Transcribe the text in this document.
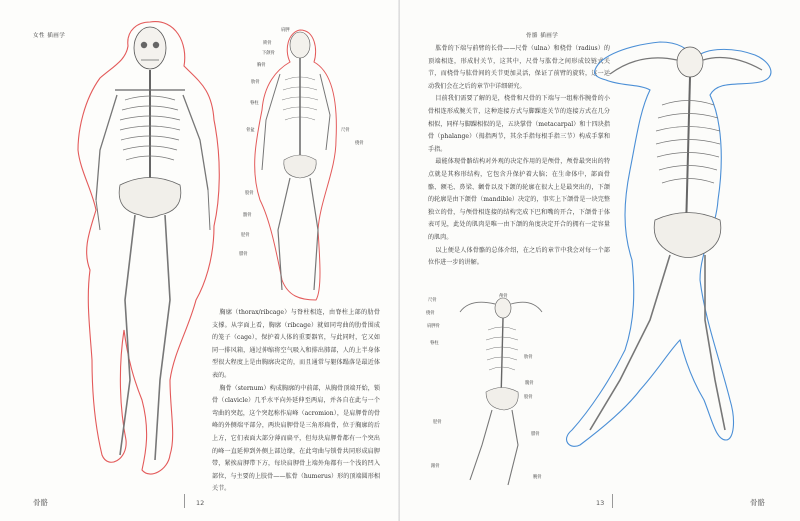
女性 插画学
肩胛
锁骨
下颌骨
胸骨
肋骨
脊柱
骨盆	尺骨
桡骨
股骨
髌骨
胫骨
腓骨

胸廓（thorax/ribcage）与脊柱相连，由脊柱上部的肋骨支撑。从字面上看，胸廓（ribcage）就如同弯曲的肋骨围成的笼子（cage），保护着人体的重要器官，与此同时，它又如同一排风箱，通过伸缩将空气吸入和排出肺部，人的上半身体型很大程度上是由胸廓决定的，而且通常与躯体蹋落是最近体表的。

胸骨（sternum）构成胸廓的中前部，从胸骨顶端开始，锁骨（clavicle）几乎水平向外延伸至两肩，并各自在此与一个弯曲的突起，这个突起称作肩峰（acromion），是肩胛骨的骨峰的外侧端平部分，两块肩胛骨是三角形扁骨，位于胸廓的后上方，它们表面大部分薄而扁平，但每块肩胛骨都有一个突出的峰一直延伸到外侧上部边缘，在此弯曲与锁骨共同形成肩胛带，紧挨肩胛带下方，每块肩胛骨上端外角都有一个浅的凹入部位，与主要的上肢骨——肱骨（humerus）形的顶端圆形相关节。

骨骼	12
骨骼 插画学

肱骨的下端与前臂的长骨——尺骨（ulna）和桡骨（radius）的顶端相连，形成肘关节，这其中，尺骨与肱骨之间形成铰链式关节，而桡骨与肱骨间的关节更加灵活，保证了前臂的旋转，这一运动我们会在之后的章节中详细研究。

目前我们需要了解的是，桡骨和尺骨的下端与一组称作腕骨的小骨相连形成腕关节，这种连接方式与脚踝连关节的连接方式在几分相似，同样与脚踝相似的是，五块掌骨（metacarpal）和十四块指骨（phalange）（拇指两节，其余手指每根手指三节）构成手掌和手指。

最能体现骨骼结构对外观的决定作用的是颅骨，颅骨最突出的特点就是其称形结构，它包含升保护着大脑；在生命体中，部面骨骼、额毛、鼻梁、颧骨以及下颌的轮廓在很大上是最突出的，下颌的轮廓是由下颌骨（mandible）决定的，事实上下颌骨是一块完整独立的骨，与颅骨相连接的结构完成下巴和嘴的开合，下颌骨于体表可见，此处的肌肉是唯一由下颌的角度决定开合的拥有一定容量的肌肉。

以上便是人体骨骼的总体介绍，在之后的章节中我会对每一个部位作进一步的讲解。

尺骨
桡骨
肩胛骨
颅骨
脊柱
肋骨
髋骨
股骨
胫骨
腓骨
跟骨
腕骨
13	骨骼
